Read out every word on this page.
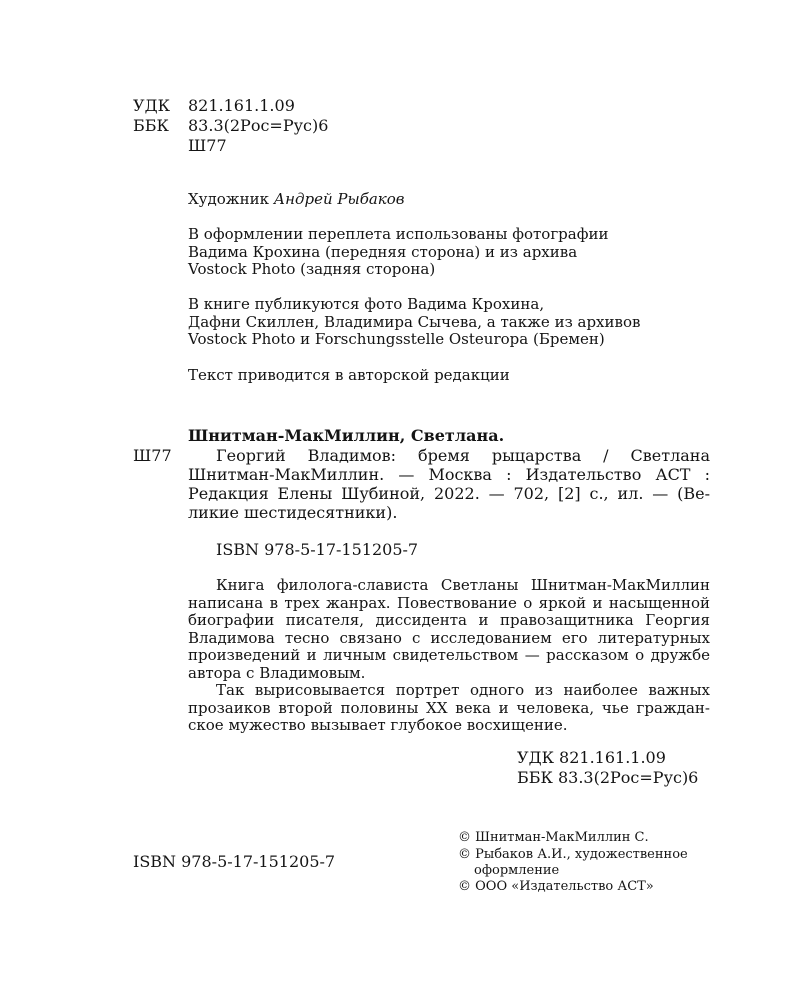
УДК 821.161.1.09
ББК 83.3(2Рос=Рус)6
Ш77
Художник Андрей Рыбаков
В оформлении переплета использованы фотографии
Вадима Крохина (передняя сторона) и из архива
Vostock Photo (задняя сторона)
В книге публикуются фото Вадима Крохина,
Дафни Скиллен, Владимира Сычева, а также из архивов
Vostock Photo и Forschungsstelle Osteuropa (Бремен)
Текст приводится в авторской редакции
Шнитман-МакМиллин, Светлана.
Ш77	Георгий Владимов: бремя рыцарства / Светлана
Шнитман-МакМиллин. — Москва : Издательство АСТ :
Редакция Елены Шубиной, 2022. — 702, [2] с., ил. — (Ве-
ликие шестидесятники).
ISBN 978-5-17-151205-7
Книга филолога-слависта Светланы Шнитман-МакМиллин
написана в трех жанрах. Повествование о яркой и насыщенной
биографии писателя, диссидента и правозащитника Георгия
Владимова тесно связано с исследованием его литературных
произведений и личным свидетельством — рассказом о дружбе
автора с Владимовым.
Так вырисовывается портрет одного из наиболее важных
прозаиков второй половины XX века и человека, чье граждан-
ское мужество вызывает глубокое восхищение.
УДК 821.161.1.09
ББК 83.3(2Рос=Рус)6
© Шнитман-МакМиллин С.
© Рыбаков А.И., художественное
оформление
© ООО «Издательство АСТ»
ISBN 978-5-17-151205-7
